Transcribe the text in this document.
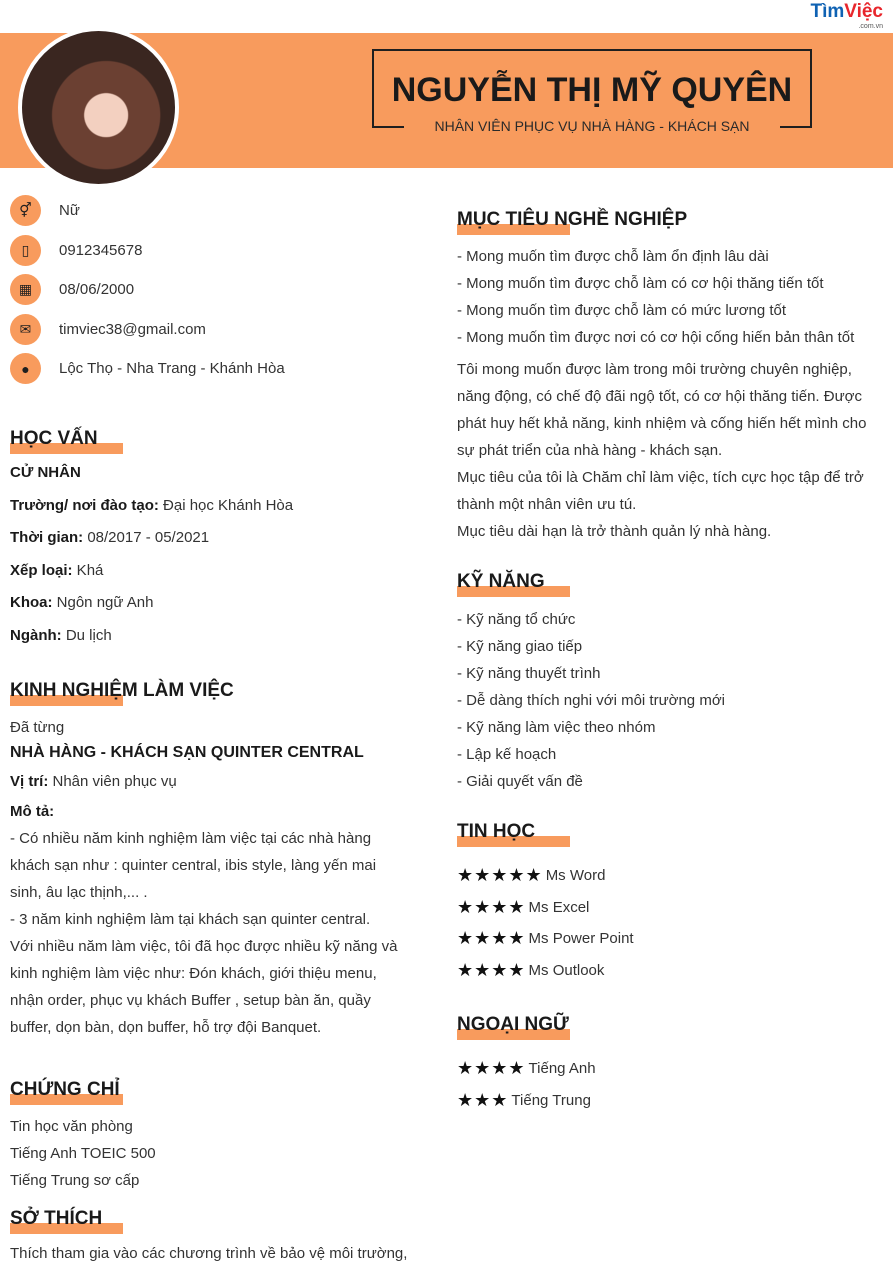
TìmViệc
.com.vn
NGUYỄN THỊ MỸ QUYÊN
NHÂN VIÊN PHỤC VỤ NHÀ HÀNG - KHÁCH SẠN
⚥	Nữ
▯	0912345678
▦	08/06/2000
✉	timviec38@gmail.com
●	Lộc Thọ - Nha Trang - Khánh Hòa
HỌC VẤN
CỬ NHÂN
Trường/ nơi đào tạo: Đại học Khánh Hòa
Thời gian: 08/2017 - 05/2021
Xếp loại: Khá
Khoa: Ngôn ngữ Anh
Ngành: Du lịch
KINH NGHIỆM LÀM VIỆC
Đã từng
NHÀ HÀNG - KHÁCH SẠN QUINTER CENTRAL
Vị trí: Nhân viên phục vụ
Mô tả:
- Có nhiều năm kinh nghiệm làm việc tại các nhà hàng
khách sạn như : quinter central, ibis style, làng yến mai
sinh, âu lạc thịnh,... .
- 3 năm kinh nghiệm làm tại khách sạn quinter central.
Với nhiều năm làm việc, tôi đã học được nhiều kỹ năng và
kinh nghiệm làm việc như: Đón khách, giới thiệu menu,
nhận order, phục vụ khách Buffer , setup bàn ăn, quầy
buffer, dọn bàn, dọn buffer, hỗ trợ đội Banquet.
CHỨNG CHỈ
Tin học văn phòng
Tiếng Anh TOEIC 500
Tiếng Trung sơ cấp
SỞ THÍCH
Thích tham gia vào các chương trình về bảo vệ môi trường,
MỤC TIÊU NGHỀ NGHIỆP
- Mong muốn tìm được chỗ làm ổn định lâu dài
- Mong muốn tìm được chỗ làm có cơ hội thăng tiến tốt
- Mong muốn tìm được chỗ làm có mức lương tốt
- Mong muốn tìm được nơi có cơ hội cống hiến bản thân tốt
Tôi mong muốn được làm trong môi trường chuyên nghiệp,
năng động, có chế độ đãi ngộ tốt, có cơ hội thăng tiến. Được
phát huy hết khả năng, kinh nhiệm và cống hiến hết mình cho
sự phát triển của nhà hàng - khách sạn.
Mục tiêu của tôi là Chăm chỉ làm việc, tích cực học tập để trở
thành một nhân viên ưu tú.
Mục tiêu dài hạn là trở thành quản lý nhà hàng.
KỸ NĂNG
- Kỹ năng tổ chức
- Kỹ năng giao tiếp
- Kỹ năng thuyết trình
- Dễ dàng thích nghi với môi trường mới
- Kỹ năng làm việc theo nhóm
- Lập kế hoạch
- Giải quyết vấn đề
TIN HỌC
★★★★★ Ms Word
★★★★ Ms Excel
★★★★ Ms Power Point
★★★★ Ms Outlook
NGOẠI NGỮ
★★★★ Tiếng Anh
★★★ Tiếng Trung
